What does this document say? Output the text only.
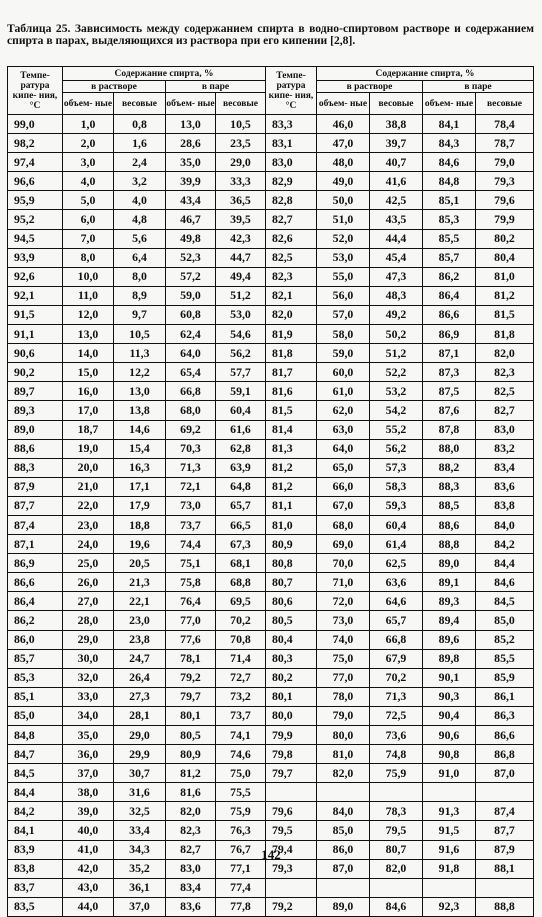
Таблица 25. Зависимость между содержанием спирта в водно-спиртовом растворе и содержанием спирта в парах, выделяющихся из раствора при его кипении [2,8].
Темпе- ратура кипе- ния, °C	Содержание спирта, %				Темпе- ратура кипе- ния, °C	Содержание спирта, %			
	в растворе		в паре			в растворе		в паре	
	объем- ные	весовые	объем- ные	весовые		объем- ные	весовые	объем- ные	весовые
99,0	1,0	0,8	13,0	10,5	83,3	46,0	38,8	84,1	78,4
98,2	2,0	1,6	28,6	23,5	83,1	47,0	39,7	84,3	78,7
97,4	3,0	2,4	35,0	29,0	83,0	48,0	40,7	84,6	79,0
96,6	4,0	3,2	39,9	33,3	82,9	49,0	41,6	84,8	79,3
95,9	5,0	4,0	43,4	36,5	82,8	50,0	42,5	85,1	79,6
95,2	6,0	4,8	46,7	39,5	82,7	51,0	43,5	85,3	79,9
94,5	7,0	5,6	49,8	42,3	82,6	52,0	44,4	85,5	80,2
93,9	8,0	6,4	52,3	44,7	82,5	53,0	45,4	85,7	80,4
92,6	10,0	8,0	57,2	49,4	82,3	55,0	47,3	86,2	81,0
92,1	11,0	8,9	59,0	51,2	82,1	56,0	48,3	86,4	81,2
91,5	12,0	9,7	60,8	53,0	82,0	57,0	49,2	86,6	81,5
91,1	13,0	10,5	62,4	54,6	81,9	58,0	50,2	86,9	81,8
90,6	14,0	11,3	64,0	56,2	81,8	59,0	51,2	87,1	82,0
90,2	15,0	12,2	65,4	57,7	81,7	60,0	52,2	87,3	82,3
89,7	16,0	13,0	66,8	59,1	81,6	61,0	53,2	87,5	82,5
89,3	17,0	13,8	68,0	60,4	81,5	62,0	54,2	87,6	82,7
89,0	18,7	14,6	69,2	61,6	81,4	63,0	55,2	87,8	83,0
88,6	19,0	15,4	70,3	62,8	81,3	64,0	56,2	88,0	83,2
88,3	20,0	16,3	71,3	63,9	81,2	65,0	57,3	88,2	83,4
87,9	21,0	17,1	72,1	64,8	81,2	66,0	58,3	88,3	83,6
87,7	22,0	17,9	73,0	65,7	81,1	67,0	59,3	88,5	83,8
87,4	23,0	18,8	73,7	66,5	81,0	68,0	60,4	88,6	84,0
87,1	24,0	19,6	74,4	67,3	80,9	69,0	61,4	88,8	84,2
86,9	25,0	20,5	75,1	68,1	80,8	70,0	62,5	89,0	84,4
86,6	26,0	21,3	75,8	68,8	80,7	71,0	63,6	89,1	84,6
86,4	27,0	22,1	76,4	69,5	80,6	72,0	64,6	89,3	84,5
86,2	28,0	23,0	77,0	70,2	80,5	73,0	65,7	89,4	85,0
86,0	29,0	23,8	77,6	70,8	80,4	74,0	66,8	89,6	85,2
85,7	30,0	24,7	78,1	71,4	80,3	75,0	67,9	89,8	85,5
85,3	32,0	26,4	79,2	72,7	80,2	77,0	70,2	90,1	85,9
85,1	33,0	27,3	79,7	73,2	80,1	78,0	71,3	90,3	86,1
85,0	34,0	28,1	80,1	73,7	80,0	79,0	72,5	90,4	86,3
84,8	35,0	29,0	80,5	74,1	79,9	80,0	73,6	90,6	86,6
84,7	36,0	29,9	80,9	74,6	79,8	81,0	74,8	90,8	86,8
84,5	37,0	30,7	81,2	75,0	79,7	82,0	75,9	91,0	87,0
84,4	38,0	31,6	81,6	75,5					
84,2	39,0	32,5	82,0	75,9	79,6	84,0	78,3	91,3	87,4
84,1	40,0	33,4	82,3	76,3	79,5	85,0	79,5	91,5	87,7
83,9	41,0	34,3	82,7	76,7	79,4	86,0	80,7	91,6	87,9
83,8	42,0	35,2	83,0	77,1	79,3	87,0	82,0	91,8	88,1
83,7	43,0	36,1	83,4	77,4					
83,5	44,0	37,0	83,6	77,8	79,2	89,0	84,6	92,3	88,8
142
